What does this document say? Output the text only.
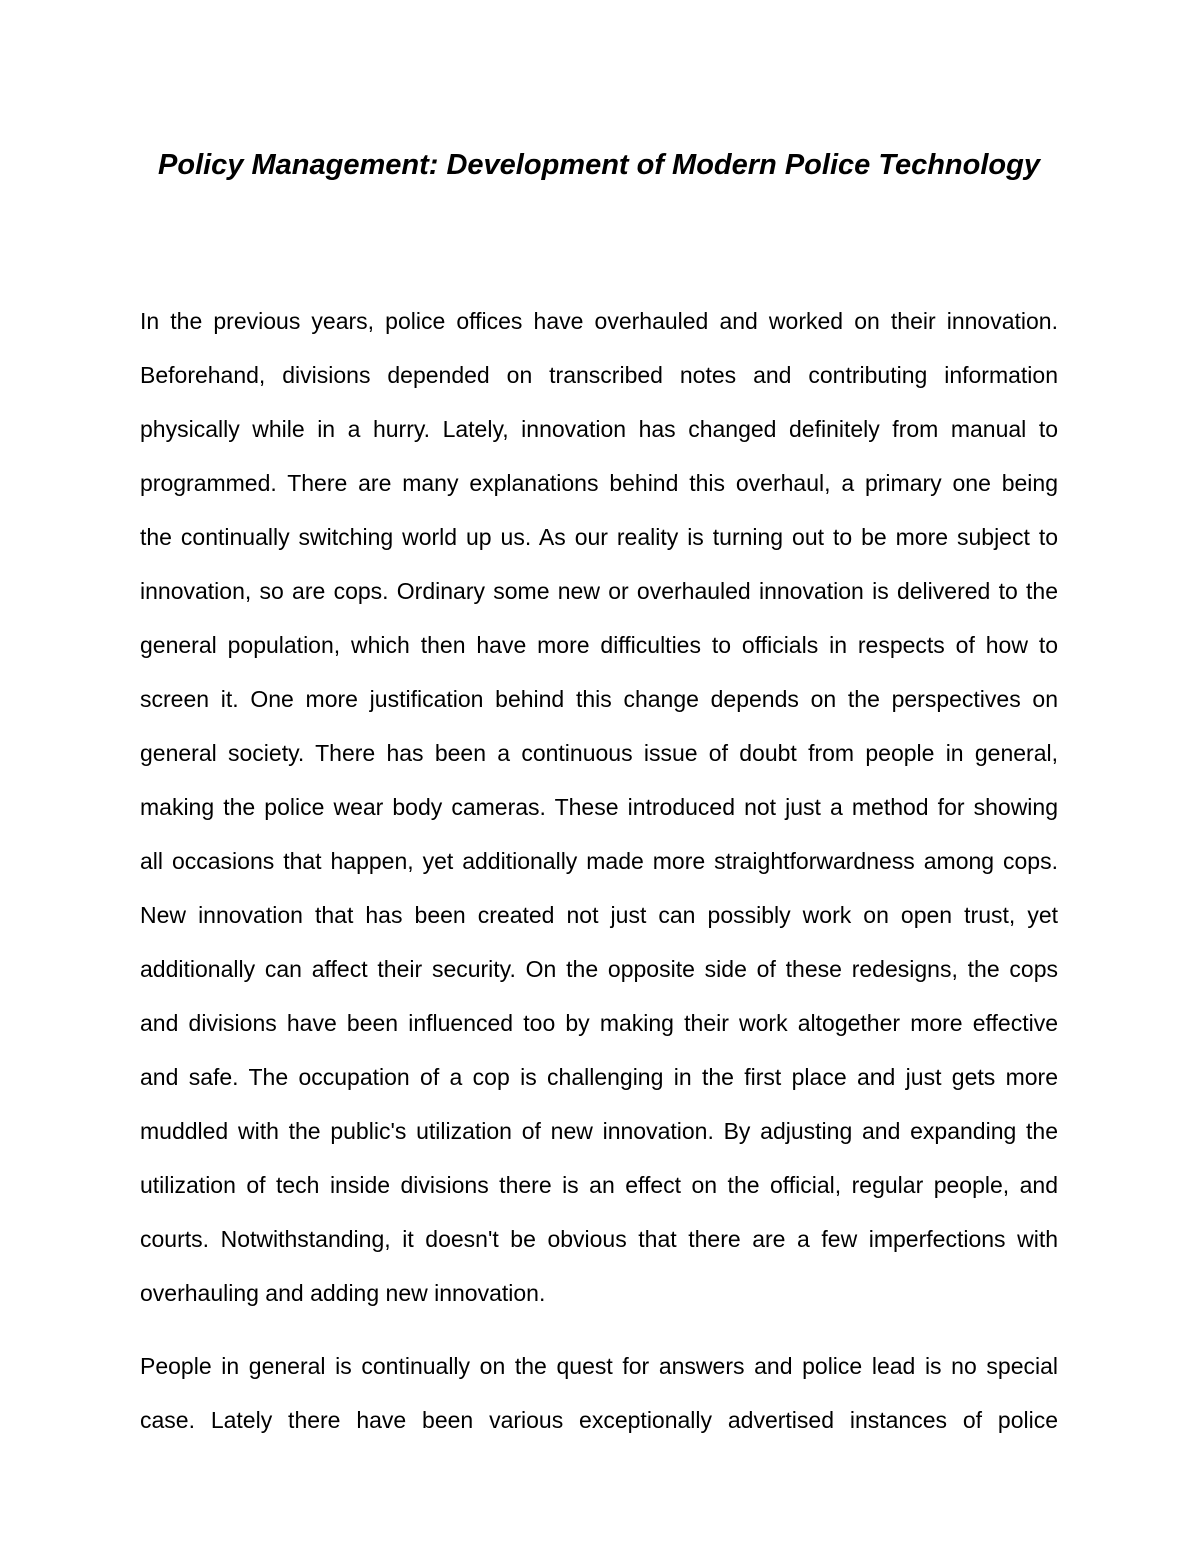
Policy Management: Development of Modern Police Technology
In the previous years, police offices have overhauled and worked on their innovation.
Beforehand, divisions depended on transcribed notes and contributing information
physically while in a hurry. Lately, innovation has changed definitely from manual to
programmed. There are many explanations behind this overhaul, a primary one being
the continually switching world up us. As our reality is turning out to be more subject to
innovation, so are cops. Ordinary some new or overhauled innovation is delivered to the
general population, which then have more difficulties to officials in respects of how to
screen it. One more justification behind this change depends on the perspectives on
general society. There has been a continuous issue of doubt from people in general,
making the police wear body cameras. These introduced not just a method for showing
all occasions that happen, yet additionally made more straightforwardness among cops.
New innovation that has been created not just can possibly work on open trust, yet
additionally can affect their security. On the opposite side of these redesigns, the cops
and divisions have been influenced too by making their work altogether more effective
and safe. The occupation of a cop is challenging in the first place and just gets more
muddled with the public's utilization of new innovation. By adjusting and expanding the
utilization of tech inside divisions there is an effect on the official, regular people, and
courts. Notwithstanding, it doesn't be obvious that there are a few imperfections with
overhauling and adding new innovation.
People in general is continually on the quest for answers and police lead is no special
case. Lately there have been various exceptionally advertised instances of police
